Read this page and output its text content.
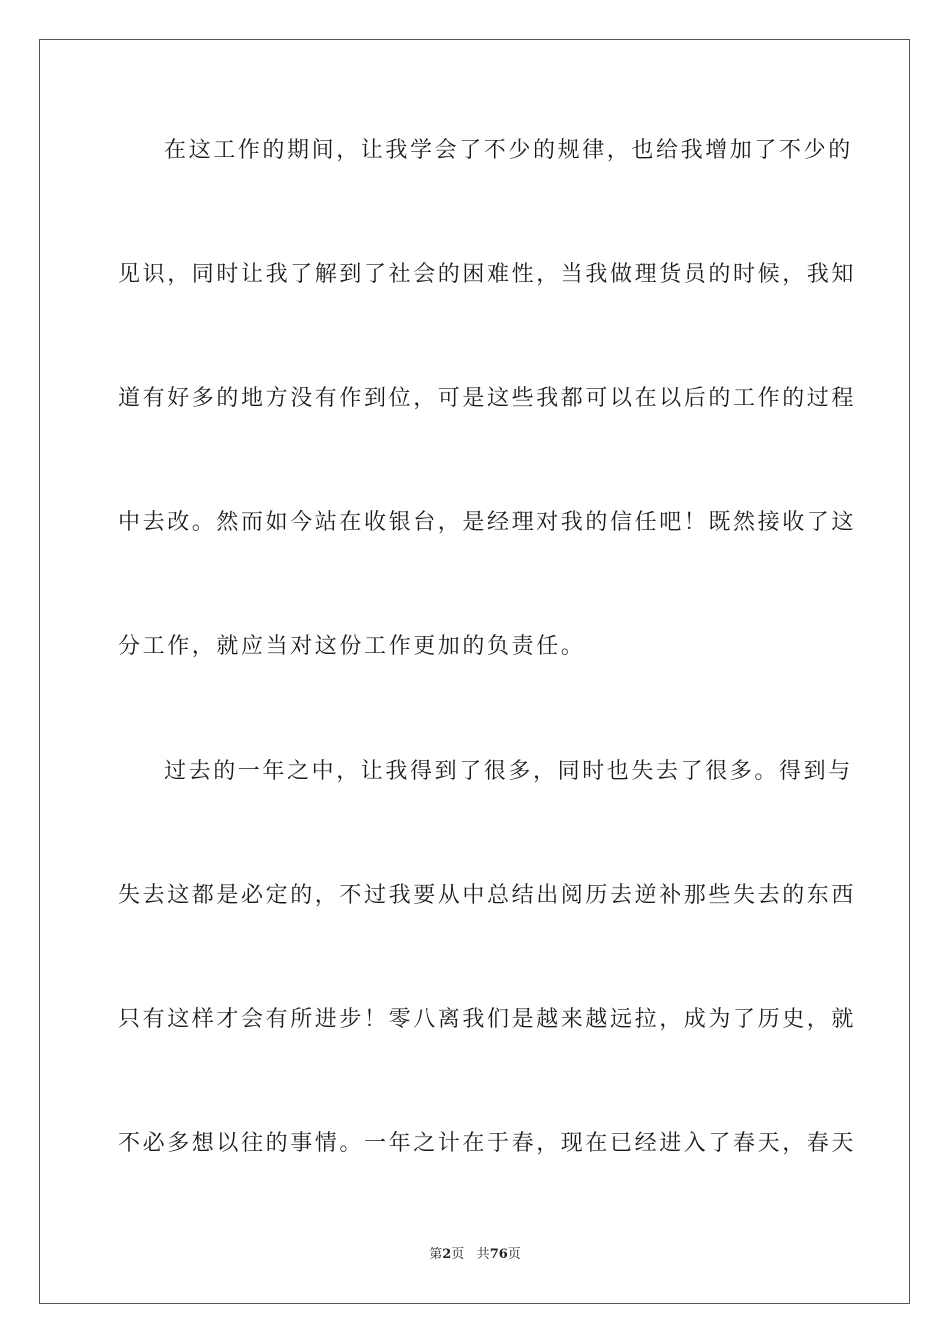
在这工作的期间，让我学会了不少的规律，也给我增加了不少的
见识，同时让我了解到了社会的困难性，当我做理货员的时候，我知
道有好多的地方没有作到位，可是这些我都可以在以后的工作的过程
中去改。然而如今站在收银台，是经理对我的信任吧！既然接收了这
分工作，就应当对这份工作更加的负责任。
过去的一年之中，让我得到了很多，同时也失去了很多。得到与
失去这都是必定的，不过我要从中总结出阅历去逆补那些失去的东西
只有这样才会有所进步！零八离我们是越来越远拉，成为了历史，就
不必多想以往的事情。一年之计在于春，现在已经进入了春天，春天
第2页 共76页
